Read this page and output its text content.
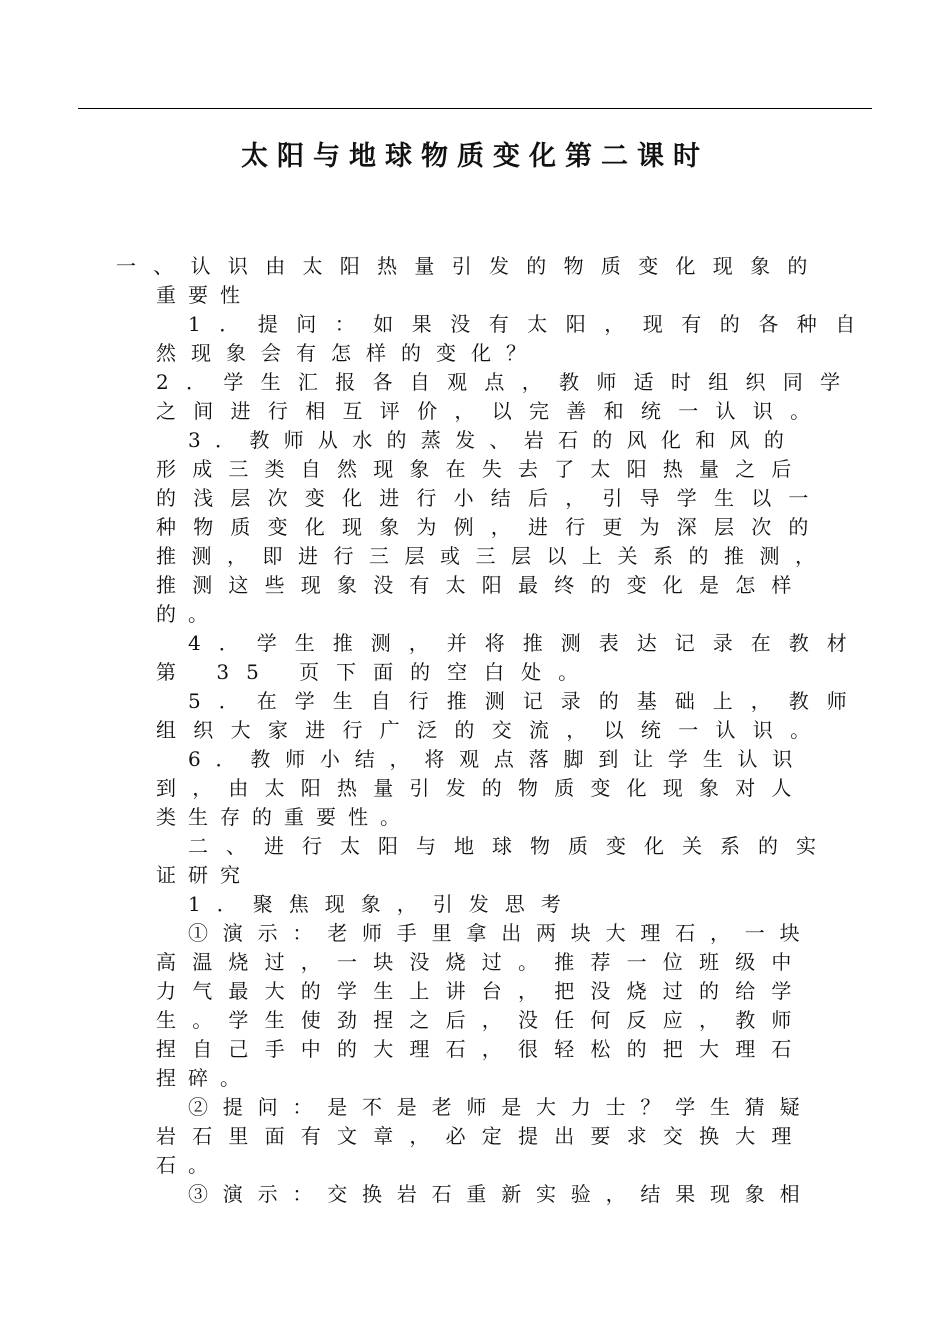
太阳与地球物质变化第二课时
一、认识由太阳热量引发的物质变化现象的
重要性
1．提问：如果没有太阳，现有的各种自
然现象会有怎样的变化？
2．学生汇报各自观点，教师适时组织同学
之间进行相互评价，以完善和统一认识。
3．教师从水的蒸发、岩石的风化和风的
形成三类自然现象在失去了太阳热量之后
的浅层次变化进行小结后，引导学生以一
种物质变化现象为例，进行更为深层次的
推测，即进行三层或三层以上关系的推测，
推测这些现象没有太阳最终的变化是怎样
的。
4．学生推测，并将推测表达记录在教材
第 35 页下面的空白处。
5．在学生自行推测记录的基础上，教师
组织大家进行广泛的交流，以统一认识。
6．教师小结，将观点落脚到让学生认识
到，由太阳热量引发的物质变化现象对人
类生存的重要性。
二、进行太阳与地球物质变化关系的实
证研究
1．聚焦现象，引发思考
①演示：老师手里拿出两块大理石，一块
高温烧过，一块没烧过。推荐一位班级中
力气最大的学生上讲台，把没烧过的给学
生。学生使劲捏之后，没任何反应，教师
捏自己手中的大理石，很轻松的把大理石
捏碎。
②提问：是不是老师是大力士？学生猜疑
岩石里面有文章，必定提出要求交换大理
石。
③演示：交换岩石重新实验，结果现象相
